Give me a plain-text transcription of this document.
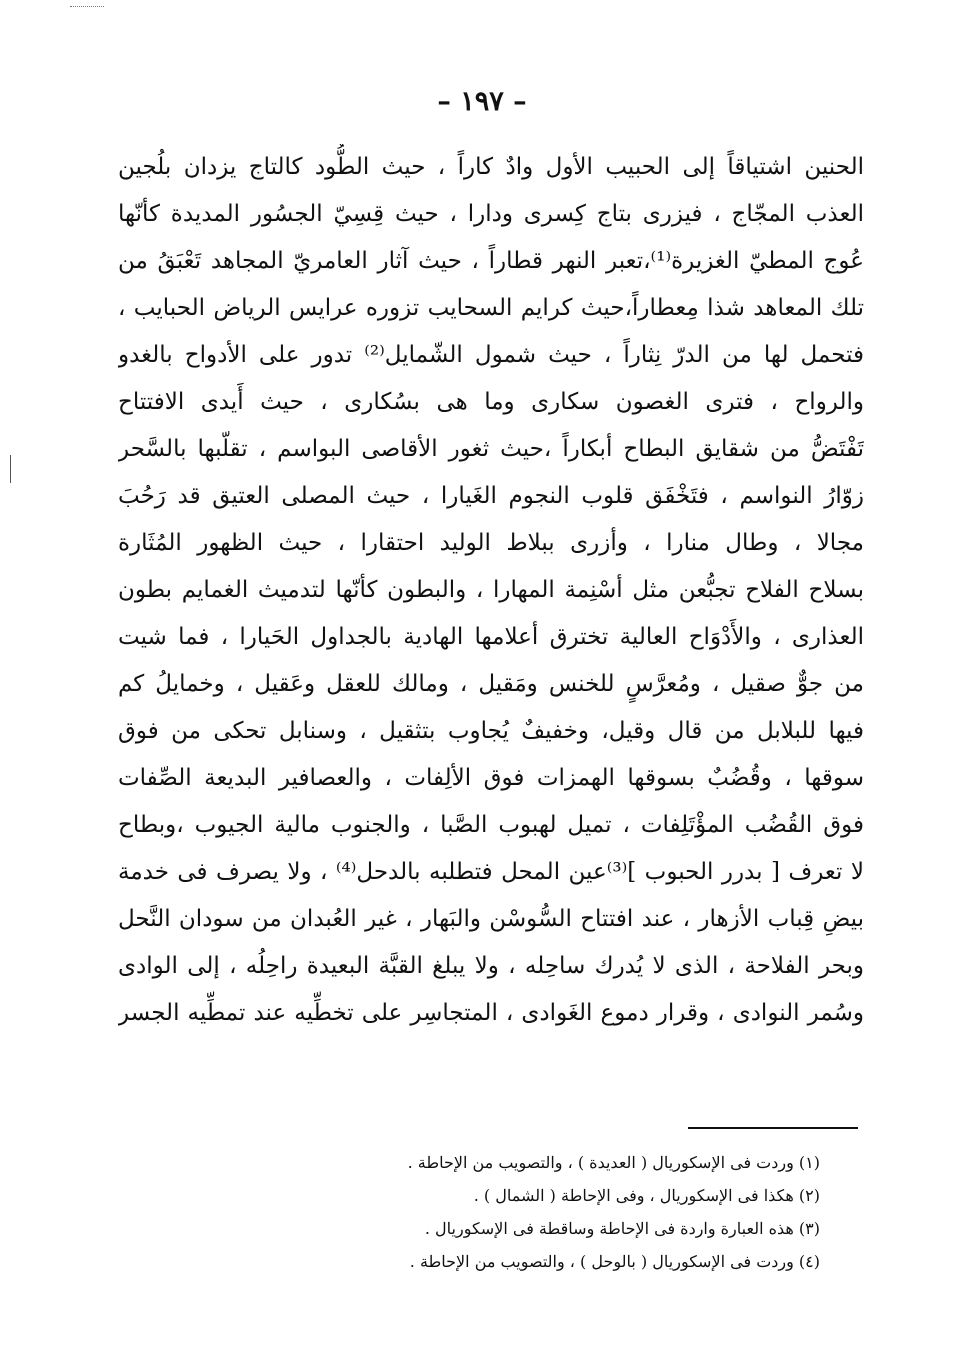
– ١٩٧ –
الحنين اشتياقاً إلى الحبيب الأول وادٌ كاراً ، حيث الطُّود كالتاج يزدان بلُجين
العذب المجّاج ، فيزرى بتاج كِسرى ودارا ، حيث قِسِيّ الجسُور المديدة كأنّها
عُوج المطيّ الغزيرة⁽¹⁾،تعبر النهر قطاراً ، حيث آثار العامريّ المجاهد تَعْبَقُ من
تلك المعاهد شذا مِعطاراً،حيث كرايم السحايب تزوره عرايس الرياض الحبايب ،
فتحمل لها من الدرّ نِثاراً ، حيث شمول الشّمايل⁽²⁾ تدور على الأدواح بالغدو
والرواح ، فترى الغصون سكارى وما هى بسُكارى ، حيث أَيدى الافتتاح
تَفْتَضُّ من شقايق البطاح أبكاراً ،حيث ثغور الأقاصى البواسم ، تقلّبها بالسَّحر
زوّارُ النواسم ، فتَخْفَق قلوب النجوم الغَيارا ، حيث المصلى العتيق قد رَحُبَ
مجالا ، وطال منارا ، وأزرى ببلاط الوليد احتقارا ، حيث الظهور المُثَارة
بسلاح الفلاح تجبُّعن مثل أسْنِمة المهارا ، والبطون كأنّها لتدميث الغمايم بطون
العذارى ، والأَدْوَاح العالية تخترق أعلامها الهادية بالجداول الحَيارا ، فما شيت
من جوٌّ صقيل ، ومُعرَّسٍ للخنس ومَقيل ، ومالك للعقل وعَقيل ، وخمايلُ كم
فيها للبلابل من قال وقيل، وخفيفٌ يُجاوب بتثقيل ، وسنابل تحكى من فوق
سوقها ، وقُضُبٌ بسوقها الهمزات فوق الألِفات ، والعصافير البديعة الصِّفات
فوق القُضُب المؤْتَلِفات ، تميل لهبوب الصَّبا ، والجنوب مالية الجيوب ،وبطاح
لا تعرف [ بدرر الحبوب ]⁽³⁾عين المحل فتطلبه بالدحل⁽⁴⁾ ، ولا يصرف فى خدمة
بيضِ قِباب الأزهار ، عند افتتاح السُّوسْن والبَهار ، غير العُبدان من سودان النَّحل
وبحر الفلاحة ، الذى لا يُدرك ساحِله ، ولا يبلغ القبَّة البعيدة راحِلُه ، إلى الوادى
وسُمر النوادى ، وقرار دموع الغَوادى ، المتجاسِر على تخطِّيه عند تمطِّيه الجسر
(١) وردت فى الإسكوريال ( العديدة ) ، والتصويب من الإحاطة .
(٢) هكذا فى الإسكوريال ، وفى الإحاطة ( الشمال ) .
(٣) هذه العبارة واردة فى الإحاطة وساقطة فى الإسكوريال .
(٤) وردت فى الإسكوريال ( بالوحل ) ، والتصويب من الإحاطة .
